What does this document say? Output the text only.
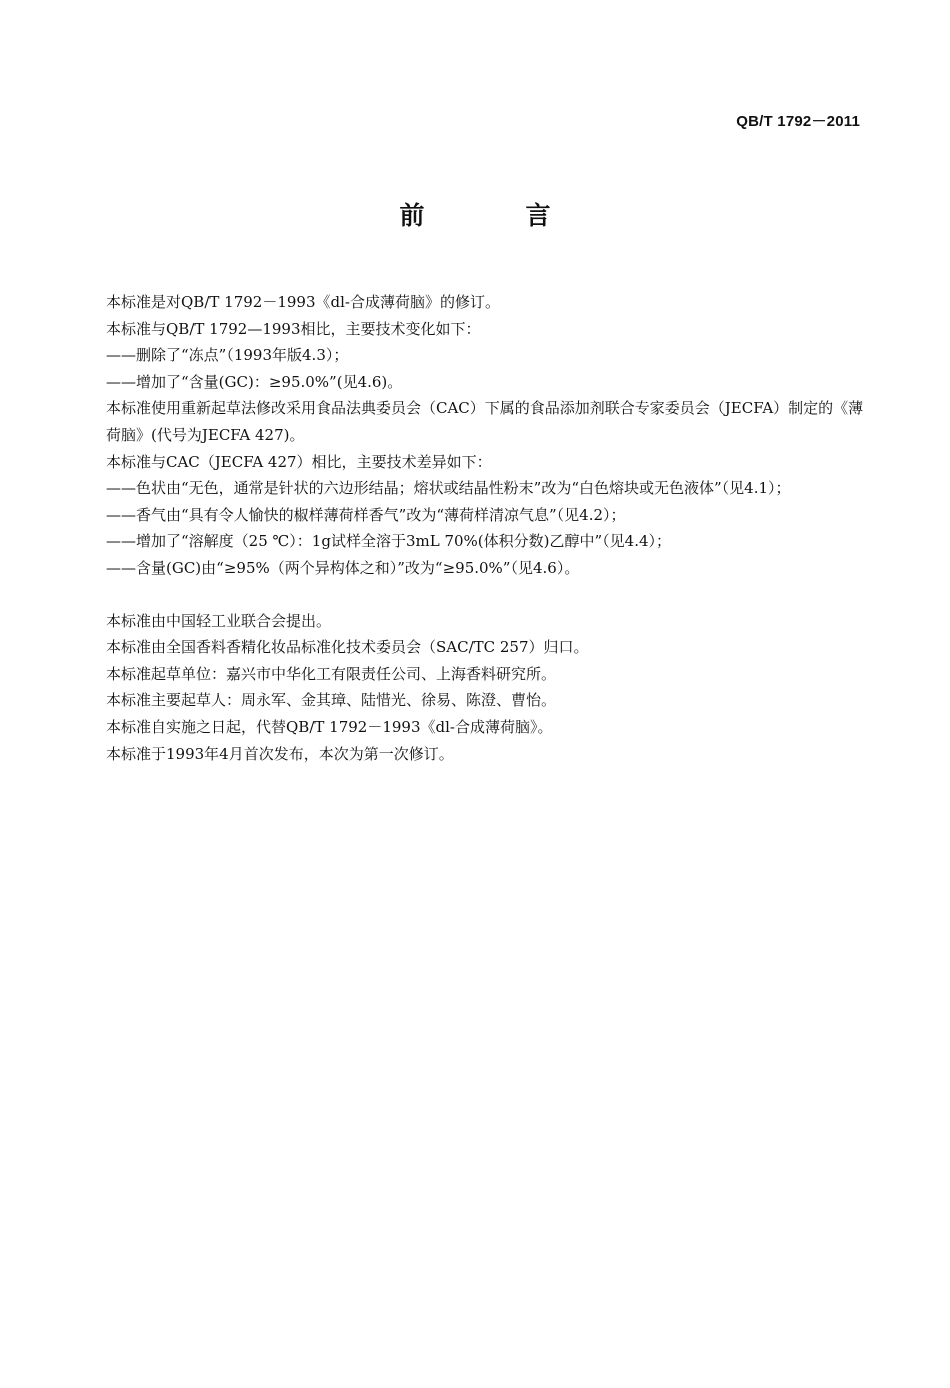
QB/T 1792－2011
前　言

本标准是对QB/T 1792－1993《dl-合成薄荷脑》的修订。

本标准与QB/T 1792—1993相比，主要技术变化如下：

——删除了“冻点”（1993年版4.3）；

——增加了“含量(GC)：≥95.0%”(见4.6)。

本标准使用重新起草法修改采用食品法典委员会（CAC）下属的食品添加剂联合专家委员会（JECFA）制定的《薄荷脑》(代号为JECFA 427)。

本标准与CAC（JECFA 427）相比，主要技术差异如下：

——色状由“无色，通常是针状的六边形结晶；熔状或结晶性粉末”改为“白色熔块或无色液体”（见4.1）；

——香气由“具有令人愉快的椒样薄荷样香气”改为“薄荷样清凉气息”（见4.2）；

——增加了“溶解度（25 ℃）：1g试样全溶于3mL 70%(体积分数)乙醇中”（见4.4）；

——含量(GC)由“≥95%（两个异构体之和）”改为“≥95.0%”（见4.6）。

本标准由中国轻工业联合会提出。

本标准由全国香料香精化妆品标准化技术委员会（SAC/TC 257）归口。

本标准起草单位：嘉兴市中华化工有限责任公司、上海香料研究所。

本标准主要起草人：周永军、金其璋、陆惜光、徐易、陈澄、曹怡。

本标准自实施之日起，代替QB/T 1792－1993《dl-合成薄荷脑》。

本标准于1993年4月首次发布，本次为第一次修订。
